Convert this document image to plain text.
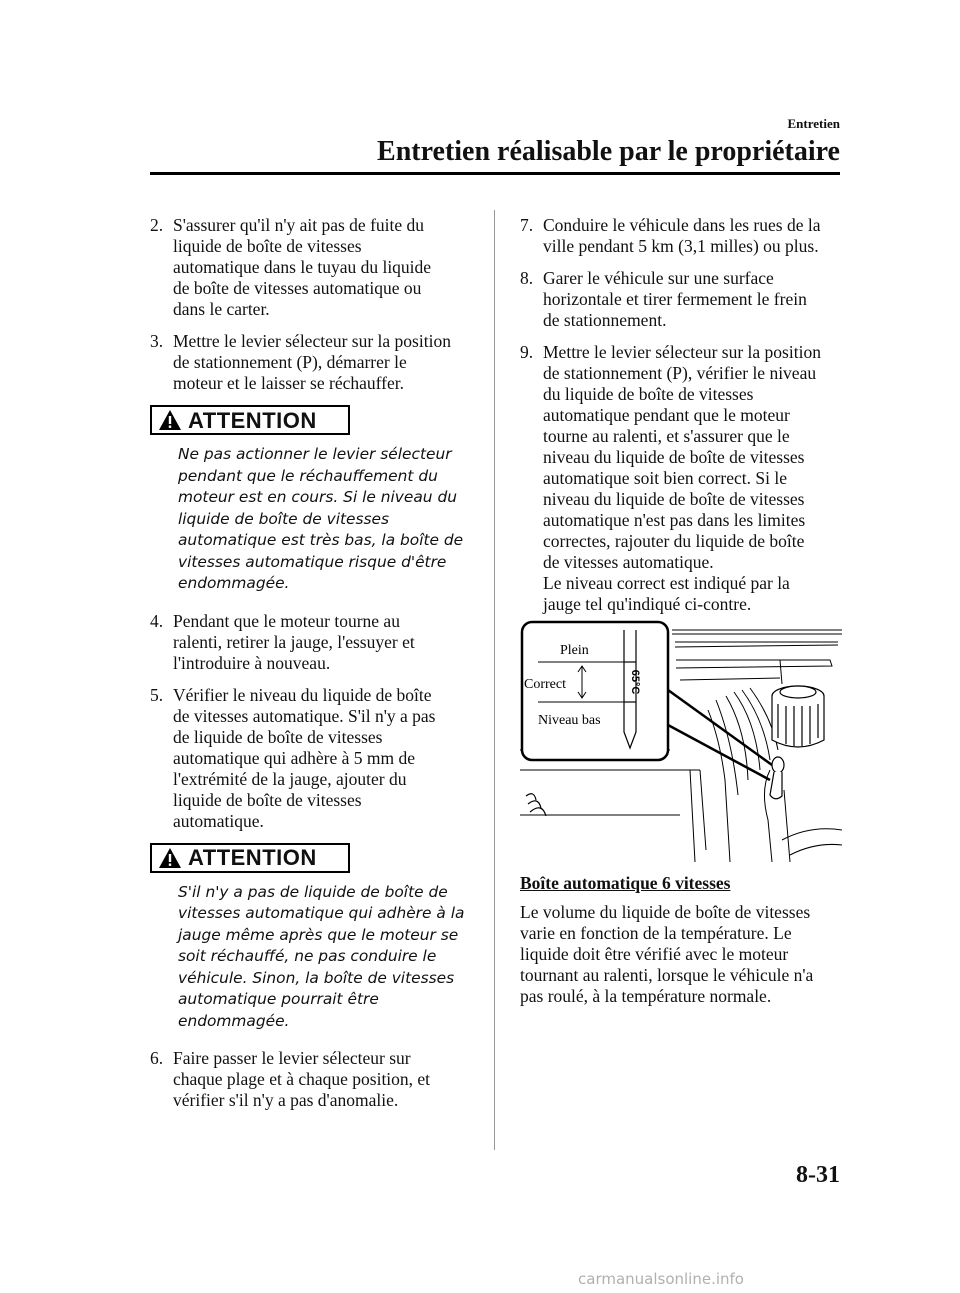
Entretien
Entretien réalisable par le propriétaire
2. S'assurer qu'il n'y ait pas de fuite du
liquide de boîte de vitesses
automatique dans le tuyau du liquide
de boîte de vitesses automatique ou
dans le carter.
3. Mettre le levier sélecteur sur la position
de stationnement (P), démarrer le
moteur et le laisser se réchauffer.
ATTENTION
Ne pas actionner le levier sélecteur
pendant que le réchauffement du
moteur est en cours. Si le niveau du
liquide de boîte de vitesses
automatique est très bas, la boîte de
vitesses automatique risque d'être
endommagée.
4. Pendant que le moteur tourne au
ralenti, retirer la jauge, l'essuyer et
l'introduire à nouveau.
5. Vérifier le niveau du liquide de boîte
de vitesses automatique. S'il n'y a pas
de liquide de boîte de vitesses
automatique qui adhère à 5 mm de
l'extrémité de la jauge, ajouter du
liquide de boîte de vitesses
automatique.
ATTENTION
S'il n'y a pas de liquide de boîte de
vitesses automatique qui adhère à la
jauge même après que le moteur se
soit réchauffé, ne pas conduire le
véhicule. Sinon, la boîte de vitesses
automatique pourrait être
endommagée.
6. Faire passer le levier sélecteur sur
chaque plage et à chaque position, et
vérifier s'il n'y a pas d'anomalie.
7. Conduire le véhicule dans les rues de la
ville pendant 5 km (3,1 milles) ou plus.
8. Garer le véhicule sur une surface
horizontale et tirer fermement le frein
de stationnement.
9. Mettre le levier sélecteur sur la position
de stationnement (P), vérifier le niveau
du liquide de boîte de vitesses
automatique pendant que le moteur
tourne au ralenti, et s'assurer que le
niveau du liquide de boîte de vitesses
automatique soit bien correct. Si le
niveau du liquide de boîte de vitesses
automatique n'est pas dans les limites
correctes, rajouter du liquide de boîte
de vitesses automatique.
Le niveau correct est indiqué par la
jauge tel qu'indiqué ci-contre.
65°C
Plein
Correct
Niveau bas
Boîte automatique 6 vitesses
Le volume du liquide de boîte de vitesses
varie en fonction de la température. Le
liquide doit être vérifié avec le moteur
tournant au ralenti, lorsque le véhicule n'a
pas roulé, à la température normale.
8-31
carmanualsonline.info
